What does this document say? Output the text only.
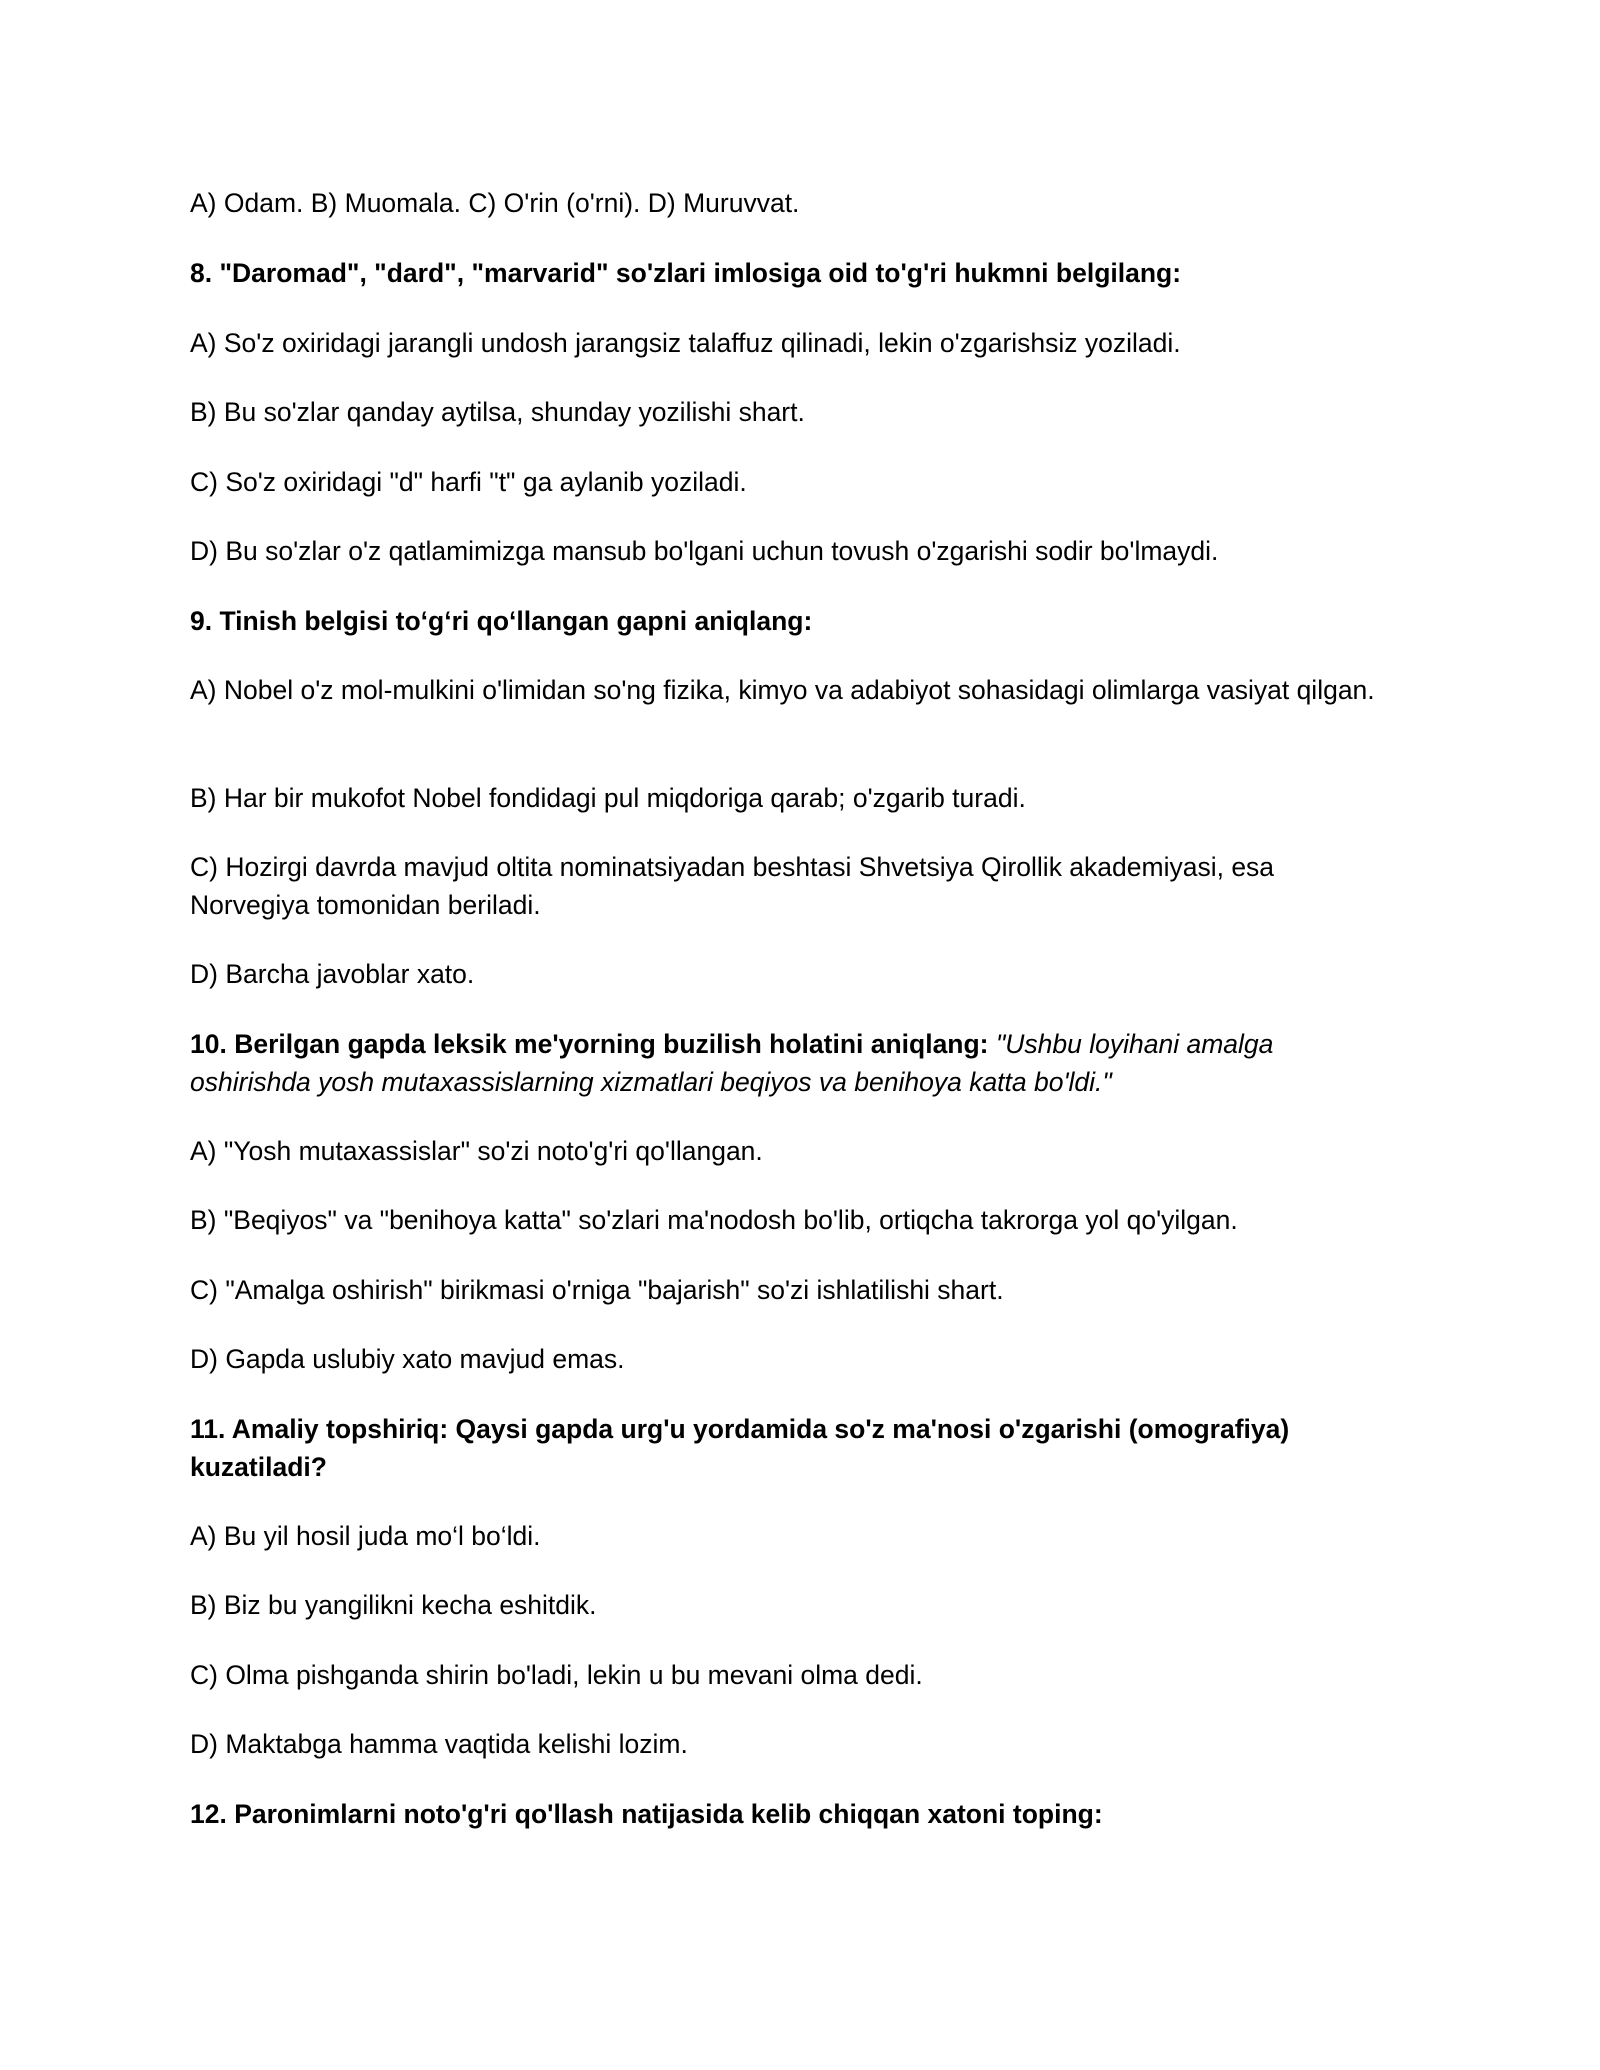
A) Odam. B) Muomala. C) O'rin (o'rni). D) Muruvvat.

8. "Daromad", "dard", "marvarid" so'zlari imlosiga oid to'g'ri hukmni belgilang:

A) So'z oxiridagi jarangli undosh jarangsiz talaffuz qilinadi, lekin o'zgarishsiz yoziladi.

B) Bu so'zlar qanday aytilsa, shunday yozilishi shart.

C) So'z oxiridagi "d" harfi "t" ga aylanib yoziladi.

D) Bu so'zlar o'z qatlamimizga mansub bo'lgani uchun tovush o'zgarishi sodir bo'lmaydi.

9. Tinish belgisi to‘g‘ri qo‘llangan gapni aniqlang:

A) Nobel o'z mol-mulkini o'limidan so'ng fizika, kimyo va adabiyot sohasidagi olimlarga vasiyat qilgan.

B) Har bir mukofot Nobel fondidagi pul miqdoriga qarab; o'zgarib turadi.

C) Hozirgi davrda mavjud oltita nominatsiyadan beshtasi Shvetsiya Qirollik akademiyasi, esa Norvegiya tomonidan beriladi.

D) Barcha javoblar xato.

10. Berilgan gapda leksik me'yorning buzilish holatini aniqlang: "Ushbu loyihani amalga oshirishda yosh mutaxassislarning xizmatlari beqiyos va benihoya katta bo'ldi."

A) "Yosh mutaxassislar" so'zi noto'g'ri qo'llangan.

B) "Beqiyos" va "benihoya katta" so'zlari ma'nodosh bo'lib, ortiqcha takrorga yol qo'yilgan.

C) "Amalga oshirish" birikmasi o'rniga "bajarish" so'zi ishlatilishi shart.

D) Gapda uslubiy xato mavjud emas.

11. Amaliy topshiriq: Qaysi gapda urg'u yordamida so'z ma'nosi o'zgarishi (omografiya) kuzatiladi?

A) Bu yil hosil juda mo‘l bo‘ldi.

B) Biz bu yangilikni kecha eshitdik.

C) Olma pishganda shirin bo'ladi, lekin u bu mevani olma dedi.

D) Maktabga hamma vaqtida kelishi lozim.

12. Paronimlarni noto'g'ri qo'llash natijasida kelib chiqqan xatoni toping:
